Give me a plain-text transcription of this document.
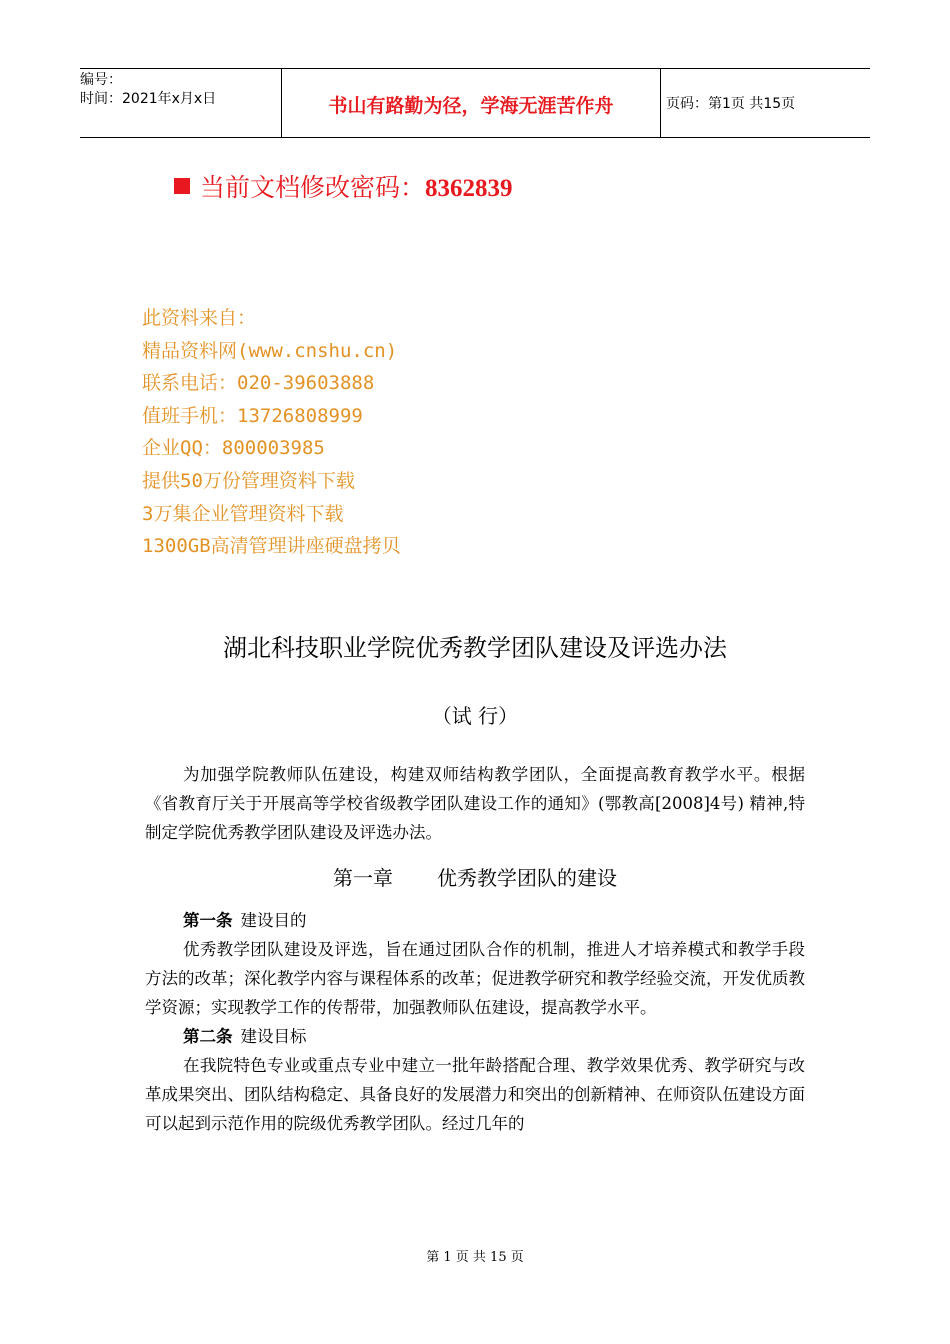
编号：
时间：2021年x月x日	书山有路勤为径，学海无涯苦作舟	页码：第1页 共15页
当前文档修改密码：8362839
此资料来自：
精品资料网(www.cnshu.cn)
联系电话：020-39603888
值班手机：13726808999
企业QQ：800003985
提供50万份管理资料下载
3万集企业管理资料下载
1300GB高清管理讲座硬盘拷贝
湖北科技职业学院优秀教学团队建设及评选办法
（试 行）

为加强学院教师队伍建设，构建双师结构教学团队，全面提高教育教学水平。根据《省教育厅关于开展高等学校省级教学团队建设工作的通知》(鄂教高[2008]4号) 精神,特制定学院优秀教学团队建设及评选办法。

第一章 优秀教学团队的建设
第一条 建设目的

优秀教学团队建设及评选，旨在通过团队合作的机制，推进人才培养模式和教学手段方法的改革；深化教学内容与课程体系的改革；促进教学研究和教学经验交流，开发优质教学资源；实现教学工作的传帮带，加强教师队伍建设，提高教学水平。

第二条 建设目标

在我院特色专业或重点专业中建立一批年龄搭配合理、教学效果优秀、教学研究与改革成果突出、团队结构稳定、具备良好的发展潜力和突出的创新精神、在师资队伍建设方面可以起到示范作用的院级优秀教学团队。经过几年的

第 1 页 共 15 页
